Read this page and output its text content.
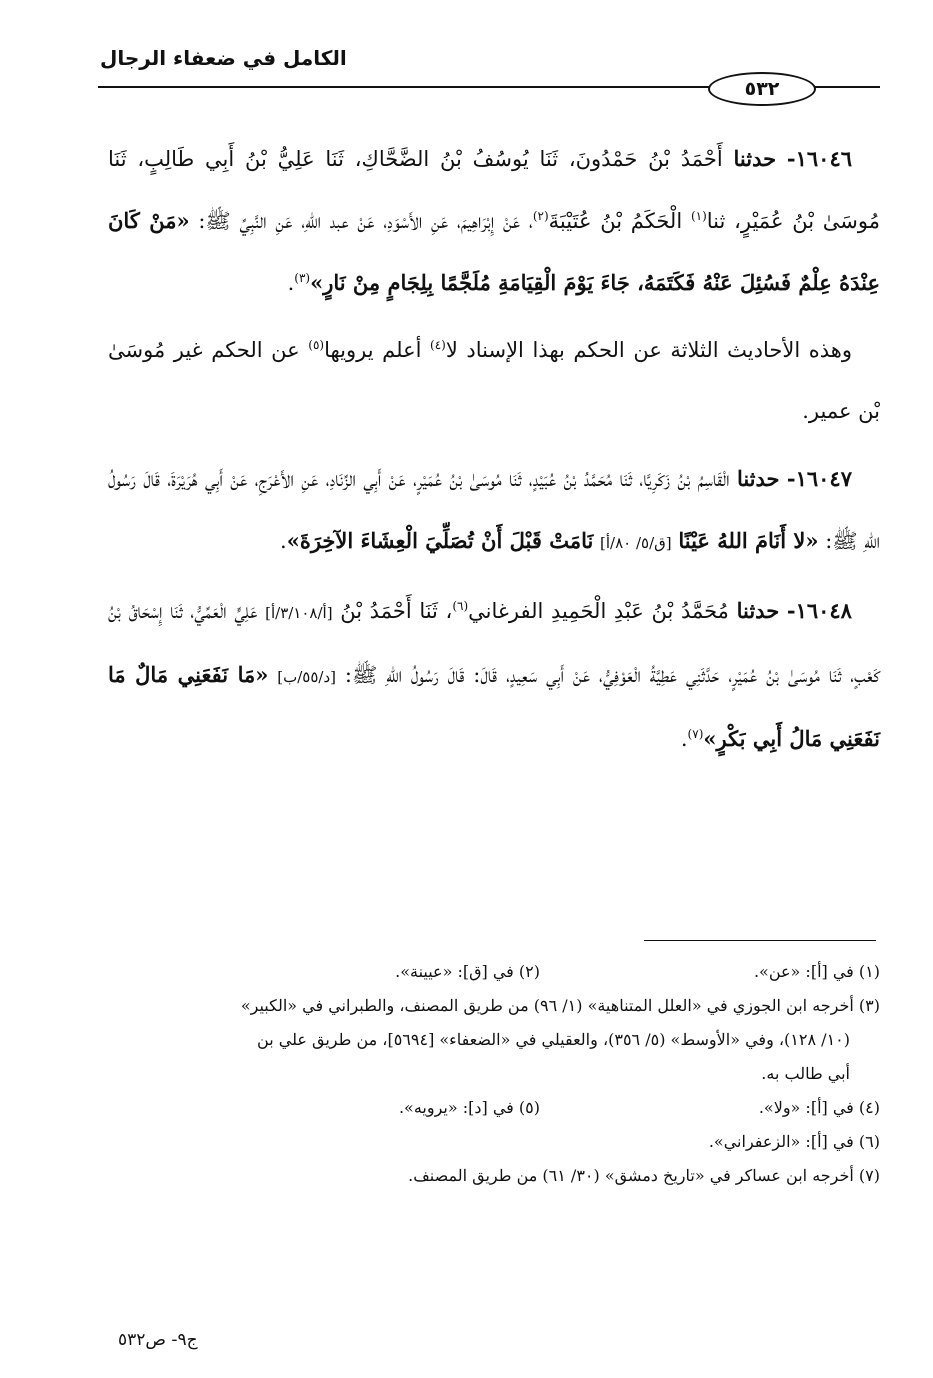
الكامل في ضعفاء الرجال
٥٣٢

١٦٠٤٦- حدثنا أَحْمَدُ بْنُ حَمْدُونَ، ثَنَا يُوسُفُ بْنُ الضَّحَّاكِ، ثَنَا عَلِيُّ بْنُ أَبِي طَالِبٍ، ثَنَا مُوسَىٰ بْنُ عُمَيْرٍ، ثنا$^{(١)}$ الْحَكَمُ بْنُ عُتَيْبَةَ$^{(٢)}$، عَنْ إِبْرَاهِيمَ، عَنِ الأَسْوَدِ، عَنْ عبد اللهِ، عَنِ النَّبِيِّ ﷺ: «مَنْ كَانَ عِنْدَهُ عِلْمٌ فَسُئِلَ عَنْهُ فَكَتَمَهُ، جَاءَ يَوْمَ الْقِيَامَةِ مُلَجَّمًا بِلِجَامٍ مِنْ نَارٍ»$^{(٣)}$.

وهذه الأحاديث الثلاثة عن الحكم بهذا الإسناد لا$^{(٤)}$ أعلم يرويها$^{(٥)}$ عن الحكم غير مُوسَىٰ بْن عمير.

١٦٠٤٧- حدثنا الْقَاسِمُ بْنُ زَكَرِيَّا، ثَنَا مُحَمَّدُ بْنُ عُبَيْدٍ، ثَنَا مُوسَىٰ بْنُ عُمَيْرٍ، عَنْ أَبِي الزِّنَادِ، عَنِ الأَعْرَجِ، عَنْ أَبِي هُرَيْرَةَ، قَالَ رَسُولُ اللهِ ﷺ: «لا أَنَامَ اللهُ عَيْنًا [ق/٥/ ٨٠/أ] نَامَتْ قَبْلَ أَنْ تُصَلِّيَ الْعِشَاءَ الآخِرَةَ».

١٦٠٤٨- حدثنا مُحَمَّدُ بْنُ عَبْدِ الْحَمِيدِ الفرغاني$^{(٦)}$، ثَنَا أَحْمَدُ بْنُ [أ/٣/١٠٨/أ] عَلِيٍّ الْعَمِّيُّ، ثَنَا إِسْحَاقُ بْنُ كَعْبٍ، ثَنَا مُوسَىٰ بْنُ عُمَيْرٍ، حَدَّثَنِي عَطِيَّةُ الْعَوْفِيُّ، عَنْ أَبِي سَعِيدٍ، قَالَ: قَالَ رَسُولُ اللهِ ﷺ: [د/٥٥/ب] «مَا نَفَعَنِي مَالٌ مَا نَفَعَنِي مَالُ أَبِي بَكْرٍ»$^{(٧)}$.

(١) في [أ]: «عن».
(٢) في [ق]: «عيينة».
(٣) أخرجه ابن الجوزي في «العلل المتناهية» (١/ ٩٦) من طريق المصنف، والطبراني في «الكبير»
(١٠/ ١٢٨)، وفي «الأوسط» (٥/ ٣٥٦)، والعقيلي في «الضعفاء» [٥٦٩٤]، من طريق علي بن
أبي طالب به.
(٤) في [أ]: «ولا».
(٥) في [د]: «يرويه».
(٦) في [أ]: «الزعفراني».
(٧) أخرجه ابن عساكر في «تاريخ دمشق» (٣٠/ ٦١) من طريق المصنف.
ج٩- ص٥٣٢
